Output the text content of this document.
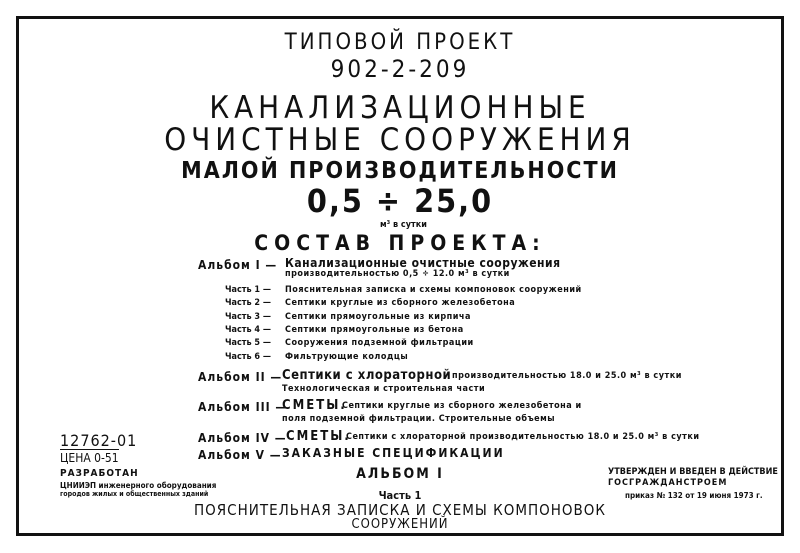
ТИПОВОЙ ПРОЕКТ
902-2-209
КАНАЛИЗАЦИОННЫЕ
ОЧИСТНЫЕ СООРУЖЕНИЯ
МАЛОЙ ПРОИЗВОДИТЕЛЬНОСТИ
0,5 ÷ 25,0
м³ в сутки
СОСТАВ ПРОЕКТА:
Альбом I — Канализационные очистные сооружения
производительностью 0,5 ÷ 12.0 м³ в сутки
Часть 1 — Пояснительная записка и схемы компоновок сооружений
Часть 2 — Септики круглые из сборного железобетона
Часть 3 — Септики прямоугольные из кирпича
Часть 4 — Септики прямоугольные из бетона
Часть 5 — Сооружения подземной фильтрации
Часть 6 — Фильтрующие колодцы
Альбом II — Септики с хлораторной производительностью 18.0 и 25.0 м³ в сутки
Технологическая и строительная части
Альбом III —
СМЕТЫ.
Септики круглые из сборного железобетона и
поля подземной фильтрации. Строительные объемы
Альбом IV — СМЕТЫ.
Септики с хлораторной производительностью 18.0 и 25.0 м³ в сутки
Альбом V — ЗАКАЗНЫЕ СПЕЦИФИКАЦИИ
12762-01
ЦЕНА 0-51
РАЗРАБОТАН
ЦНИИЭП инженерного оборудования
городов жилых и общественных зданий
УТВЕРЖДЕН И ВВЕДЕН В ДЕЙСТВИЕ
ГОСГРАЖДАНСТРОЕМ
приказ № 132 от 19 июня 1973 г.
АЛЬБОМ I
Часть 1
ПОЯСНИТЕЛЬНАЯ ЗАПИСКА И СХЕМЫ КОМПОНОВОК
СООРУЖЕНИЙ
